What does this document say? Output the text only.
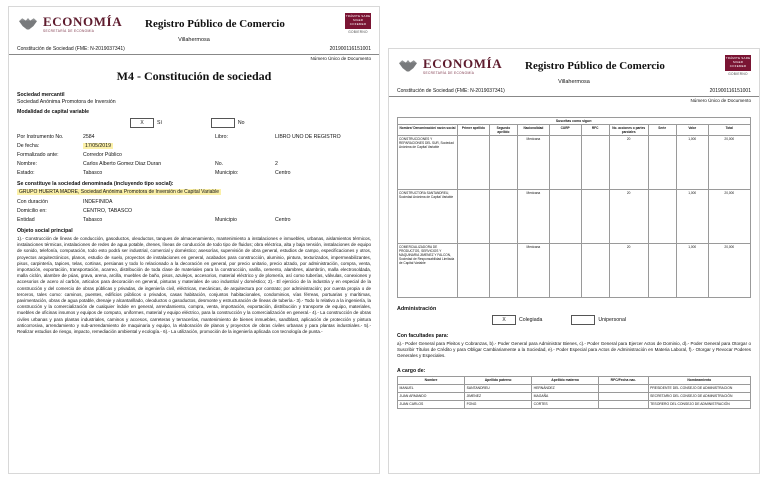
ECONOMÍA
SECRETARÍA DE ECONOMÍA
Registro Público de Comercio
TRÁMITE SARE SIGER COFEMER
GOBIERNO
Villahermosa
Constitución de Sociedad (FME: N-2019037341)	201900116151001
Número Único de Documento
M4 - Constitución de sociedad
Sociedad mercantil
Sociedad Anónima Promotora de Inversión
Modalidad de capital variable
X	Sí	No
Por Instrumento No.	2584	Libro:	LIBRO UNO DE REGISTRO
De fecha:	17/05/2019
Formalizado ante:	Corredor Público
Nombre:	Carlos Alberto Gomez Diaz Duran	No.	2
Estado:	Tabasco	Municipio:	Centro
Se constituye la sociedad denominada (incluyendo tipo social):
GRUPO HUERTA MADRE, Sociedad Anónima Promotora de Inversión de Capital Variable
Con duración	INDEFINIDA
Domicilio en:	CENTRO, TABASCO
Entidad	Tabasco	Municipio	Centro
Objeto social principal
1).- Construcción de líneas de conducción, gasoductos, oleoductos, tanques de almacenamiento, mantenimiento a instalaciones e inmuebles, urbanas, aislamientos térmicos, instalaciones térmicas, instalaciones de redes de agua potable, drenes, líneas de conducción de todo tipo de fluidos; obra eléctrica, alta y baja tensión, instalaciones de equipo de sonido, telefonía, computación, todo esto podrá ser industrial, comercial y doméstico; asesorías, supervisión de obra general, estudios de campo, especificaciones y otros, proyectos arquitectónicos, planos, estudio de suelo, proyectos de instalaciones en general, acabados para construcción, aluminio, pintura, texturizados, impermeabilizantes, pisos, carpintería, tapices, telas, cortinas, persianas y todo lo relacionado a la decoración en general, por precio unitario, precio alzado, por administración, compra, venta, importación, exportación, transportación, acarreo, distribución de toda clase de materiales para la construcción, varilla, cemento, alambres, alambrón, malla electrosoldada, malla ciclón, alambre de púas, grava, arena, arcilla, muebles de baño, pisos, azulejos, accesorios, material eléctrico y de plomería, así como tuberías, válvulas, conexiones y accesorios de acero al carbón, articulos para decoración en general, pinturas y materiales de uso industrial y doméstico; 2).- El ejercicio de la industria y en especial de la construcción y del comercio de obras públicas y privadas, de ingeniería civil, eléctricas, mecánicas, de arquitectura por contrato; por administración; por cuenta propia o de terceros, tales como: caminos, puentes, edificios públicos o privados, casas habitación, conjuntos habitacionales, condominios, vías férreas, portuarias y marítimas, pavimentación, obras de agua potable, drenaje y alcantarillado, oleoductos o gasoductos, desmonte y estructuración de líneas de tubería.- 3).- Todo lo relativo a la ingeniería, la construcción y la comercialización de cualquier índole en general, arrendamiento, compra, venta, importación, exportación, distribución y transporte de equipo, materiales, muebles de oficinas insumos y equipos de computo, uniformes, material y equipo eléctrico, para la construcción y la comercialización en general.- 4).- La construcción de obras civiles urbanas y para plantas industriales, caminos y accesos, carreteras y terracerías, mantenimiento de bienes inmuebles, sandblast, aplicación de protección y pintura anticorrosiva, arrendamiento y sub-arrendamiento de maquinaria y equipo, la elaboración de planos y proyectos de obras civiles urbanas y para plantas industriales.- 5).- Realizar estudios de riesgo, impacto, remediación ambiental y ecología.- 6).- La utilización, promoción de la ingeniería aplicada con tecnología de punta.-
ECONOMÍA
SECRETARÍA DE ECONOMÍA
Registro Público de Comercio
TRÁMITE SARE SIGER COFEMER
GOBIERNO
Villahermosa
Constitución de Sociedad (FME: N-2019037341)	201900116151001
Número Único de Documento
Suscritas como sigue:
Nombre/ Denominación/ razón social	Primer apellido	Segundo apellido	Nacionalidad	CURP	RFC	No. acciones o partes parciales	Serie	Valor	Total
CONSTRUCCIONES Y REPARACIONES DEL SUR, Sociedad Anónima de Capital Variable			Mexicana			20		1,000	20,000
CONSTRUCTORA SANTANDREU, Sociedad Anónima de Capital Variable			Mexicana			20		1,000	20,000
COMERCIALIZADORA DE PRODUCTOS, SERVICIOS Y MAQUINARIA JIMENEZ Y FALCON, Sociedad de Responsabilidad Limitada de Capital Variable			Mexicana			20		1,000	20,000
Administración
X	Colegiada	Unipersonal
Con facultades para:
a).- Poder General para Pleitos y Cobranzas, b).- Poder General para Administrar Bienes, c).- Poder General para Ejercer Actos de Dominio, d).- Poder General para Otorgar o Suscribir Títulos de Crédito y para Obligar Cambiariamente a la Sociedad, e).- Poder Especial para Actos de Administración en Materia Laboral, f).- Otorgar y Revocar Poderes Generales y Especiales.
A cargo de:
Nombre	Apellido paterno	Apellido materno	RFC/Fecha nac.	Nombramiento
MANUEL	SANTANDREU	HERNÁNDEZ		PRESIDENTE DEL CONSEJO DE ADMINISTRACION
JUAN ARMANDO	JIMENEZ	MAGAÑA		SECRETARIO DEL CONSEJO DE ADMINISTRACIÓN
JUAN CARLOS	FONG	CORTES		TESORERO DEL CONSEJO DE ADMINISTRACIÓN
